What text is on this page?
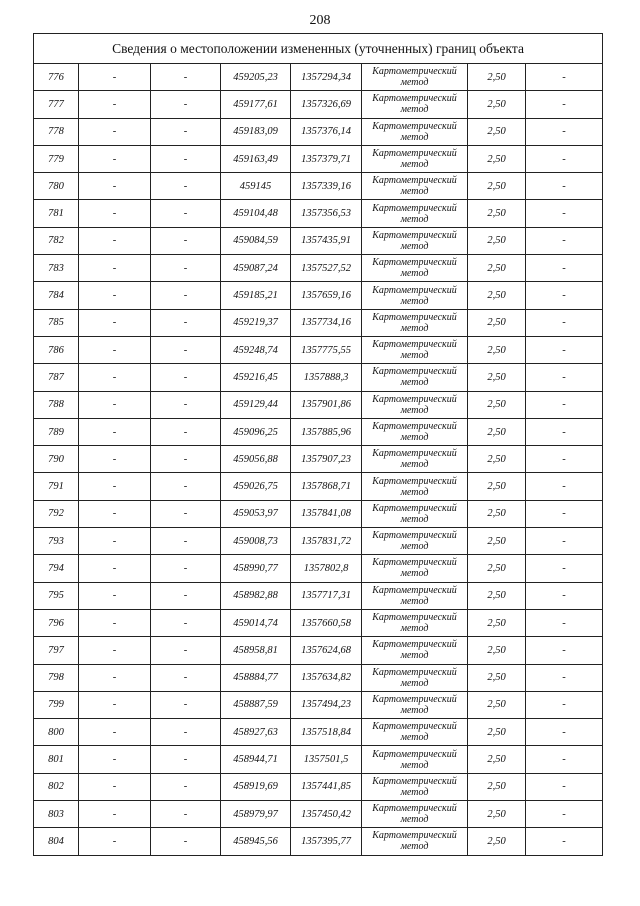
208
Сведения о местоположении измененных (уточненных) границ объекта							
776	-	-	459205,23	1357294,34	Картометрический
метод	2,50	-
777	-	-	459177,61	1357326,69	Картометрический
метод	2,50	-
778	-	-	459183,09	1357376,14	Картометрический
метод	2,50	-
779	-	-	459163,49	1357379,71	Картометрический
метод	2,50	-
780	-	-	459145	1357339,16	Картометрический
метод	2,50	-
781	-	-	459104,48	1357356,53	Картометрический
метод	2,50	-
782	-	-	459084,59	1357435,91	Картометрический
метод	2,50	-
783	-	-	459087,24	1357527,52	Картометрический
метод	2,50	-
784	-	-	459185,21	1357659,16	Картометрический
метод	2,50	-
785	-	-	459219,37	1357734,16	Картометрический
метод	2,50	-
786	-	-	459248,74	1357775,55	Картометрический
метод	2,50	-
787	-	-	459216,45	1357888,3	Картометрический
метод	2,50	-
788	-	-	459129,44	1357901,86	Картометрический
метод	2,50	-
789	-	-	459096,25	1357885,96	Картометрический
метод	2,50	-
790	-	-	459056,88	1357907,23	Картометрический
метод	2,50	-
791	-	-	459026,75	1357868,71	Картометрический
метод	2,50	-
792	-	-	459053,97	1357841,08	Картометрический
метод	2,50	-
793	-	-	459008,73	1357831,72	Картометрический
метод	2,50	-
794	-	-	458990,77	1357802,8	Картометрический
метод	2,50	-
795	-	-	458982,88	1357717,31	Картометрический
метод	2,50	-
796	-	-	459014,74	1357660,58	Картометрический
метод	2,50	-
797	-	-	458958,81	1357624,68	Картометрический
метод	2,50	-
798	-	-	458884,77	1357634,82	Картометрический
метод	2,50	-
799	-	-	458887,59	1357494,23	Картометрический
метод	2,50	-
800	-	-	458927,63	1357518,84	Картометрический
метод	2,50	-
801	-	-	458944,71	1357501,5	Картометрический
метод	2,50	-
802	-	-	458919,69	1357441,85	Картометрический
метод	2,50	-
803	-	-	458979,97	1357450,42	Картометрический
метод	2,50	-
804	-	-	458945,56	1357395,77	Картометрический
метод	2,50	-
